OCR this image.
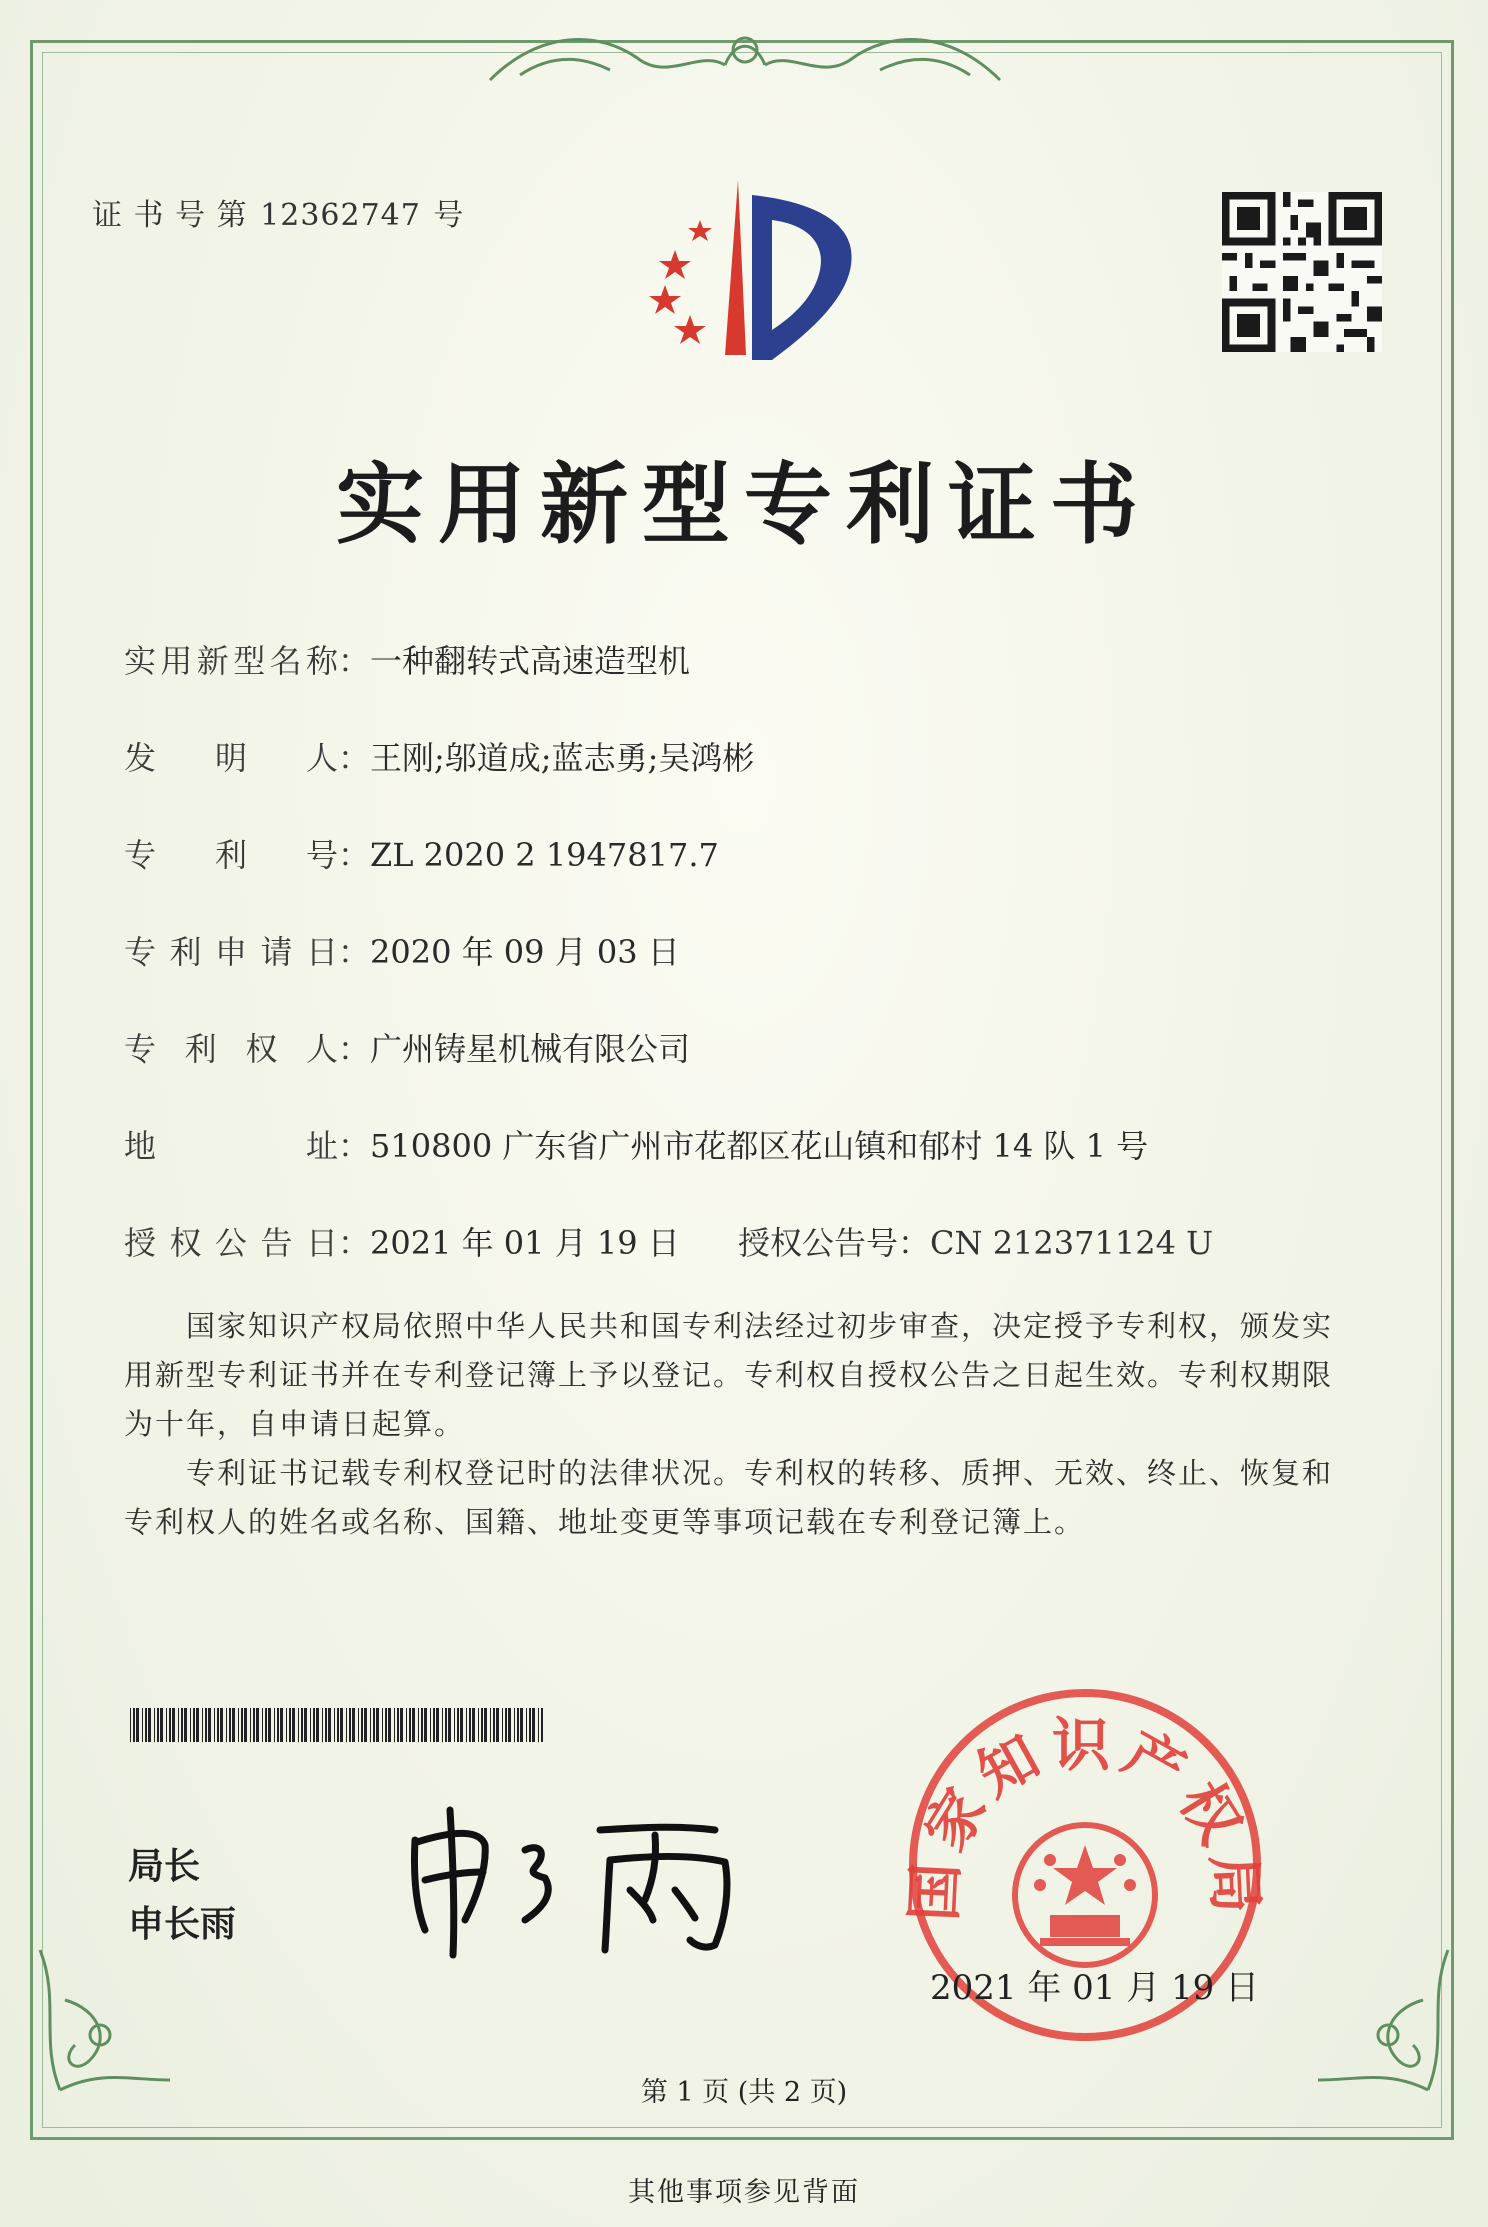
证 书 号 第 12362747 号
实用新型专利证书
实用新型名称：一种翻转式高速造型机
发 明 人：王刚;邬道成;蓝志勇;吴鸿彬
专 利 号：ZL 2020 2 1947817.7
专利申请日：2020 年 09 月 03 日
专 利 权 人：广州铸星机械有限公司
地 址：510800 广东省广州市花都区花山镇和郁村 14 队 1 号
授权公告日：2021 年 01 月 19 日 授权公告号：CN 212371124 U

国家知识产权局依照中华人民共和国专利法经过初步审查，决定授予专利权，颁发实用新型专利证书并在专利登记簿上予以登记。专利权自授权公告之日起生效。专利权期限为十年，自申请日起算。

专利证书记载专利权登记时的法律状况。专利权的转移、质押、无效、终止、恢复和专利权人的姓名或名称、国籍、地址变更等事项记载在专利登记簿上。

局长
申长雨
国家知识产权局
2021 年 01 月 19 日
第 1 页 (共 2 页)
其他事项参见背面
